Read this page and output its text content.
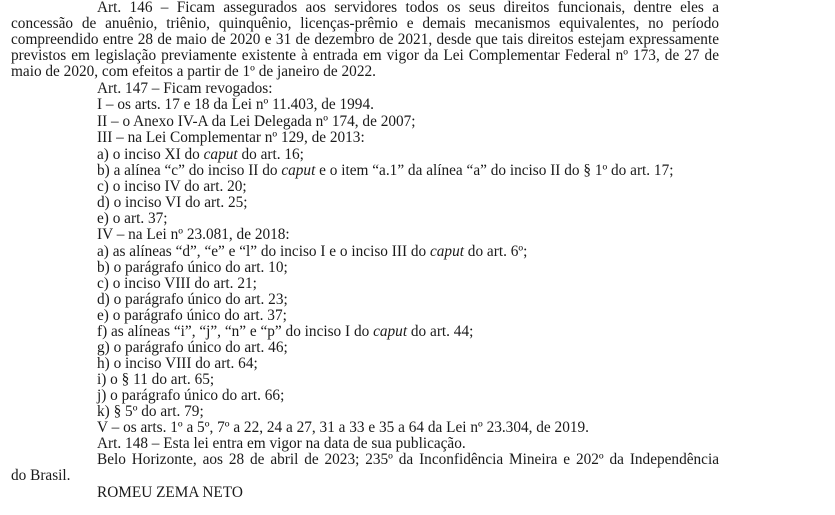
Art. 146 – Ficam assegurados aos servidores todos os seus direitos funcionais, dentre eles a
concessão de anuênio, triênio, quinquênio, licenças-prêmio e demais mecanismos equivalentes, no período
compreendido entre 28 de maio de 2020 e 31 de dezembro de 2021, desde que tais direitos estejam expressamente
previstos em legislação previamente existente à entrada em vigor da Lei Complementar Federal nº 173, de 27 de
maio de 2020, com efeitos a partir de 1º de janeiro de 2022.
Art. 147 – Ficam revogados:
I – os arts. 17 e 18 da Lei nº 11.403, de 1994.
II – o Anexo IV-A da Lei Delegada nº 174, de 2007;
III – na Lei Complementar nº 129, de 2013:
a) o inciso XI do caput do art. 16;
b) a alínea “c” do inciso II do caput e o item “a.1” da alínea “a” do inciso II do § 1º do art. 17;
c) o inciso IV do art. 20;
d) o inciso VI do art. 25;
e) o art. 37;
IV – na Lei nº 23.081, de 2018:
a) as alíneas “d”, “e” e “l” do inciso I e o inciso III do caput do art. 6º;
b) o parágrafo único do art. 10;
c) o inciso VIII do art. 21;
d) o parágrafo único do art. 23;
e) o parágrafo único do art. 37;
f) as alíneas “i”, “j”, “n” e “p” do inciso I do caput do art. 44;
g) o parágrafo único do art. 46;
h) o inciso VIII do art. 64;
i) o § 11 do art. 65;
j) o parágrafo único do art. 66;
k) § 5º do art. 79;
V – os arts. 1º a 5º, 7º a 22, 24 a 27, 31 a 33 e 35 a 64 da Lei nº 23.304, de 2019.
Art. 148 – Esta lei entra em vigor na data de sua publicação.
Belo Horizonte, aos 28 de abril de 2023; 235º da Inconfidência Mineira e 202º da Independência
do Brasil.
ROMEU ZEMA NETO
